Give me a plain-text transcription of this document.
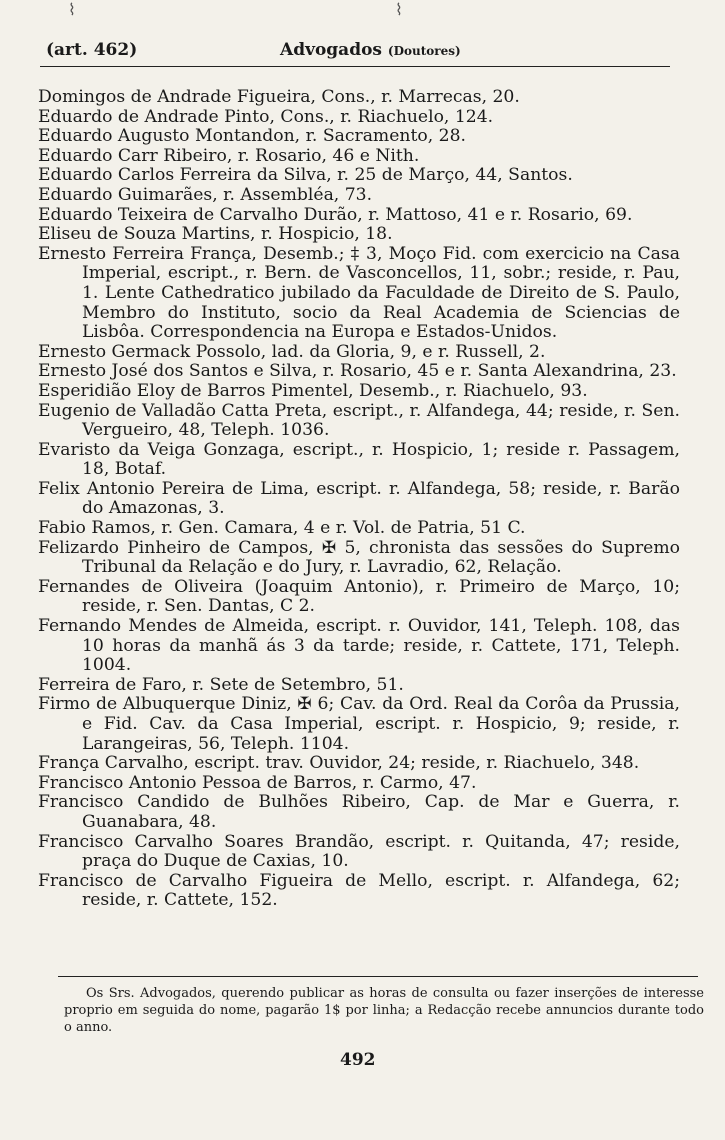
⌇	⌇
(art. 462)	Advogados (Doutores)

Domingos de Andrade Figueira, Cons., r. Marrecas, 20.

Eduardo de Andrade Pinto, Cons., r. Riachuelo, 124.

Eduardo Augusto Montandon, r. Sacramento, 28.

Eduardo Carr Ribeiro, r. Rosario, 46 e Nith.

Eduardo Carlos Ferreira da Silva, r. 25 de Março, 44, Santos.

Eduardo Guimarães, r. Assembléa, 73.

Eduardo Teixeira de Carvalho Durão, r. Mattoso, 41 e r. Rosario, 69.

Eliseu de Souza Martins, r. Hospicio, 18.

Ernesto Ferreira França, Desemb.; ‡ 3, Moço Fid. com exercicio na Casa Imperial, escript., r. Bern. de Vasconcellos, 11, sobr.; reside, r. Pau, 1. Lente Cathedratico jubilado da Faculdade de Direito de S. Paulo, Membro do Instituto, socio da Real Academia de Sciencias de Lisbôa. Correspondencia na Europa e Estados-Unidos.

Ernesto Germack Possolo, lad. da Gloria, 9, e r. Russell, 2.

Ernesto José dos Santos e Silva, r. Rosario, 45 e r. Santa Alexandrina, 23.

Esperidião Eloy de Barros Pimentel, Desemb., r. Riachuelo, 93.

Eugenio de Valladão Catta Preta, escript., r. Alfandega, 44; reside, r. Sen. Vergueiro, 48, Teleph. 1036.

Evaristo da Veiga Gonzaga, escript., r. Hospicio, 1; reside r. Passagem, 18, Botaf.

Felix Antonio Pereira de Lima, escript. r. Alfandega, 58; reside, r. Barão do Amazonas, 3.

Fabio Ramos, r. Gen. Camara, 4 e r. Vol. de Patria, 51 C.

Felizardo Pinheiro de Campos, ✠ 5, chronista das sessões do Supremo Tribunal da Relação e do Jury, r. Lavradio, 62, Relação.

Fernandes de Oliveira (Joaquim Antonio), r. Primeiro de Março, 10; reside, r. Sen. Dantas, C 2.

Fernando Mendes de Almeida, escript. r. Ouvidor, 141, Teleph. 108, das 10 horas da manhã ás 3 da tarde; reside, r. Cattete, 171, Teleph. 1004.

Ferreira de Faro, r. Sete de Setembro, 51.

Firmo de Albuquerque Diniz, ✠ 6; Cav. da Ord. Real da Corôa da Prussia, e Fid. Cav. da Casa Imperial, escript. r. Hospicio, 9; reside, r. Larangeiras, 56, Teleph. 1104.

França Carvalho, escript. trav. Ouvidor, 24; reside, r. Riachuelo, 348.

Francisco Antonio Pessoa de Barros, r. Carmo, 47.

Francisco Candido de Bulhões Ribeiro, Cap. de Mar e Guerra, r. Guanabara, 48.

Francisco Carvalho Soares Brandão, escript. r. Quitanda, 47; reside, praça do Duque de Caxias, 10.

Francisco de Carvalho Figueira de Mello, escript. r. Alfandega, 62; reside, r. Cattete, 152.

Os Srs. Advogados, querendo publicar as horas de consulta ou fazer inserções de interesse proprio em seguida do nome, pagarão 1$ por linha; a Redacção recebe annuncios durante todo o anno.

492
